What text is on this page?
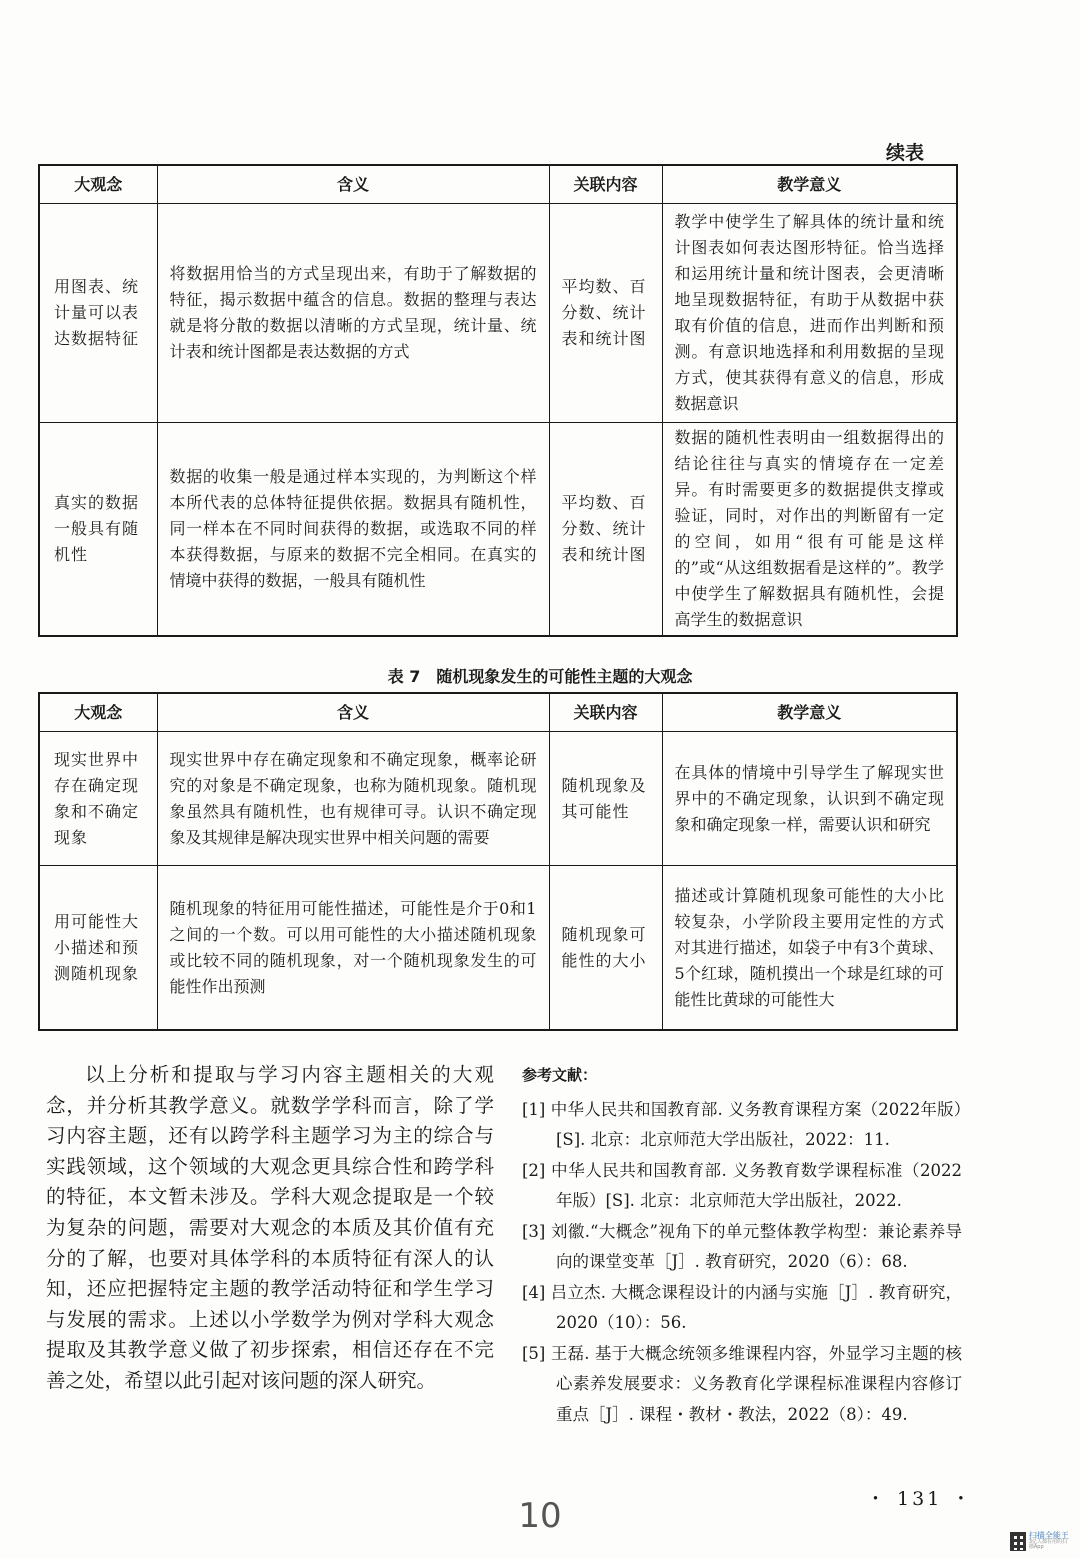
续表
大观念	含义	关联内容	教学意义
用图表、统计量可以表达数据特征	将数据用恰当的方式呈现出来，有助于了解数据的特征，揭示数据中蕴含的信息。数据的整理与表达就是将分散的数据以清晰的方式呈现，统计量、统计表和统计图都是表达数据的方式	平均数、百分数、统计表和统计图	教学中使学生了解具体的统计量和统计图表如何表达图形特征。恰当选择和运用统计量和统计图表，会更清晰地呈现数据特征，有助于从数据中获取有价值的信息，进而作出判断和预测。有意识地选择和利用数据的呈现方式，使其获得有意义的信息，形成数据意识
真实的数据一般具有随机性	数据的收集一般是通过样本实现的，为判断这个样本所代表的总体特征提供依据。数据具有随机性，同一样本在不同时间获得的数据，或选取不同的样本获得数据，与原来的数据不完全相同。在真实的情境中获得的数据，一般具有随机性	平均数、百分数、统计表和统计图	数据的随机性表明由一组数据得出的结论往往与真实的情境存在一定差异。有时需要更多的数据提供支撑或验证，同时，对作出的判断留有一定的空间，如用“很有可能是这样的”或“从这组数据看是这样的”。教学中使学生了解数据具有随机性，会提高学生的数据意识
表 7　随机现象发生的可能性主题的大观念
大观念	含义	关联内容	教学意义
现实世界中存在确定现象和不确定现象	现实世界中存在确定现象和不确定现象，概率论研究的对象是不确定现象，也称为随机现象。随机现象虽然具有随机性，也有规律可寻。认识不确定现象及其规律是解决现实世界中相关问题的需要	随机现象及其可能性	在具体的情境中引导学生了解现实世界中的不确定现象，认识到不确定现象和确定现象一样，需要认识和研究
用可能性大小描述和预测随机现象	随机现象的特征用可能性描述，可能性是介于0和1之间的一个数。可以用可能性的大小描述随机现象或比较不同的随机现象，对一个随机现象发生的可能性作出预测	随机现象可能性的大小	描述或计算随机现象可能性的大小比较复杂，小学阶段主要用定性的方式对其进行描述，如袋子中有3个黄球、5个红球，随机摸出一个球是红球的可能性比黄球的可能性大

以上分析和提取与学习内容主题相关的大观念，并分析其教学意义。就数学学科而言，除了学习内容主题，还有以跨学科主题学习为主的综合与实践领域，这个领域的大观念更具综合性和跨学科的特征，本文暂未涉及。学科大观念提取是一个较为复杂的问题，需要对大观念的本质及其价值有充分的了解，也要对具体学科的本质特征有深人的认知，还应把握特定主题的教学活动特征和学生学习与发展的需求。上述以小学数学为例对学科大观念提取及其教学意义做了初步探索，相信还存在不完善之处，希望以此引起对该问题的深人研究。

参考文献：
[1] 中华人民共和国教育部. 义务教育课程方案（2022年版）[S]. 北京：北京师范大学出版社，2022：11.
[2] 中华人民共和国教育部. 义务教育数学课程标准（2022年版）[S]. 北京：北京师范大学出版社，2022.
[3] 刘徽.“大概念”视角下的单元整体教学构型：兼论素养导向的课堂变革［J］. 教育研究，2020（6）：68.
[4] 吕立杰. 大概念课程设计的内涵与实施［J］. 教育研究，2020（10）：56.
[5] 王磊. 基于大概念统领多维课程内容，外显学习主题的核心素养发展要求：义务教育化学课程标准课程内容修订重点［J］. 课程・教材・教法，2022（8）：49.
・ 131 ・
10	扫描全能王
3亿人都在用的扫描App
